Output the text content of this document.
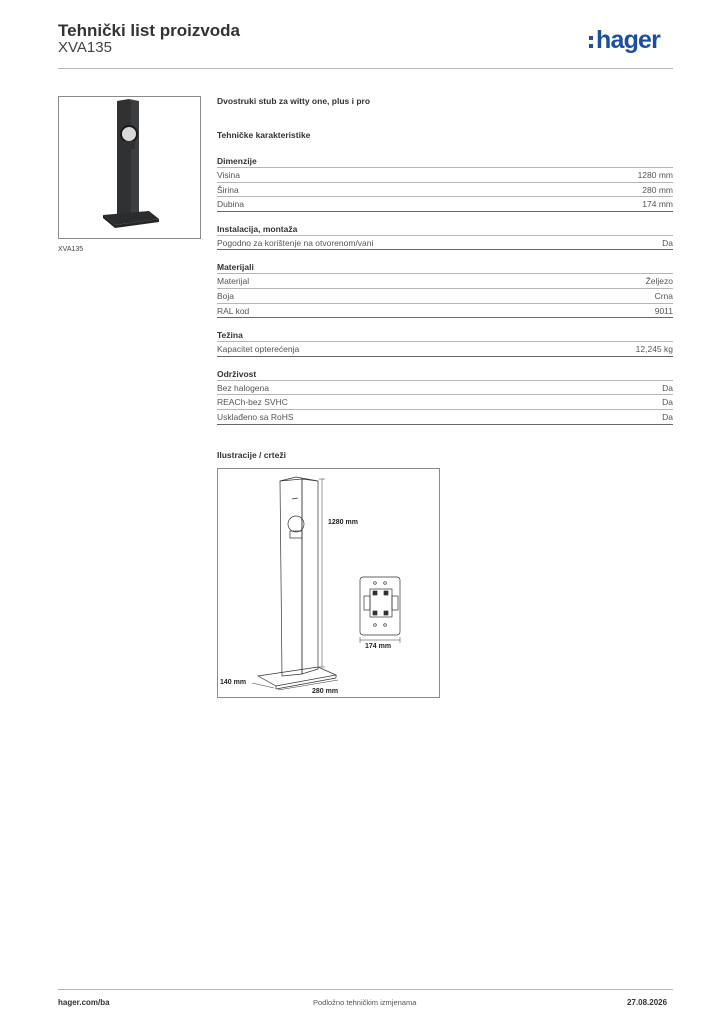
Tehnički list proizvoda
XVA135	hager
XVA135
Dvostruki stub za witty one, plus i pro
Tehničke karakteristike
Dimenzije
Visina	1280 mm
Širina	280 mm
Dubina	174 mm
Instalacija, montaža
Pogodno za korištenje na otvorenom/vani	Da
Materijali
Materijal	Željezo
Boja	Crna
RAL kod	9011
Težina
Kapacitet opterećenja	12,245 kg
Održivost
Bez halogena	Da
REACh-bez SVHC	Da
Usklađeno sa RoHS	Da
Ilustracije / crteži
1280 mm
174 mm
140 mm
280 mm
hager.com/ba	Podložno tehničkim izmjenama	27.08.2026
